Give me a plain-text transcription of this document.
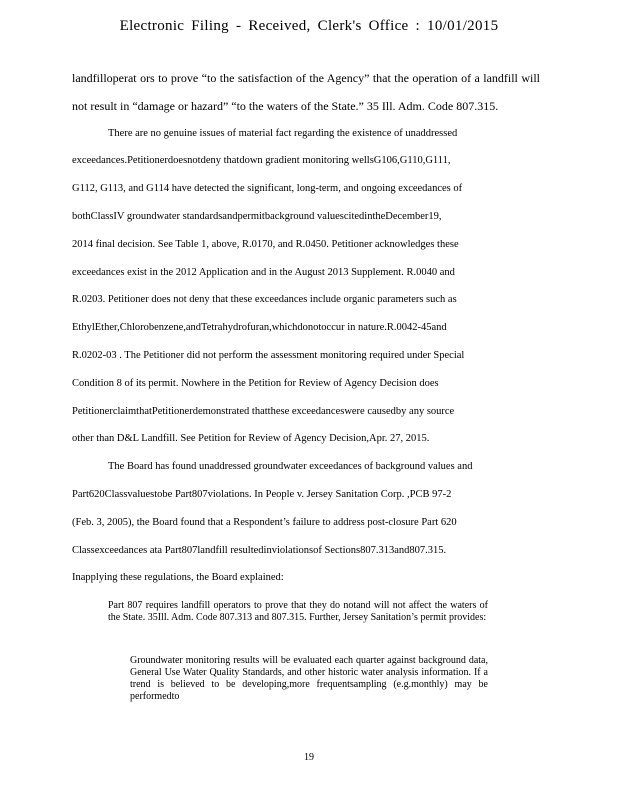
Electronic Filing - Received, Clerk's Office : 10/01/2015
landfilloperat ors to prove “to the satisfaction of the Agency” that the operation of a landfill will
not result in “damage or hazard” “to the waters of the State.” 35 Ill. Adm. Code 807.315.
There are no genuine issues of material fact regarding the existence of unaddressed
exceedances.Petitionerdoesnotdeny thatdown gradient monitoring wellsG106,G110,G111,
G112, G113, and G114 have detected the significant, long-term, and ongoing exceedances of
bothClassIV groundwater standardsandpermitbackground valuescitedintheDecember19,
2014 final decision. See Table 1, above, R.0170, and R.0450. Petitioner acknowledges these
exceedances exist in the 2012 Application and in the August 2013 Supplement. R.0040 and
R.0203. Petitioner does not deny that these exceedances include organic parameters such as
EthylEther,Chlorobenzene,andTetrahydrofuran,whichdonotoccur in nature.R.0042-45and
R.0202-03 . The Petitioner did not perform the assessment monitoring required under Special
Condition 8 of its permit. Nowhere in the Petition for Review of Agency Decision does
PetitionerclaimthatPetitionerdemonstrated thatthese exceedanceswere causedby any source
other than D&L Landfill. See Petition for Review of Agency Decision,Apr. 27, 2015.
The Board has found unaddressed groundwater exceedances of background values and
Part620Classvaluestobe Part807violations. In People v. Jersey Sanitation Corp. ,PCB 97-2
(Feb. 3, 2005), the Board found that a Respondent’s failure to address post-closure Part 620
Classexceedances ata Part807landfill resultedinviolationsof Sections807.313and807.315.
Inapplying these regulations, the Board explained:

Part 807 requires landfill operators to prove that they do notand will not affect the waters of the State. 35Ill. Adm. Code 807.313 and 807.315. Further, Jersey Sanitation’s permit provides:

Groundwater monitoring results will be evaluated each quarter against background data, General Use Water Quality Standards, and other historic water analysis information. If a trend is believed to be developing,more frequentsampling (e.g.monthly) may be performedto

19
